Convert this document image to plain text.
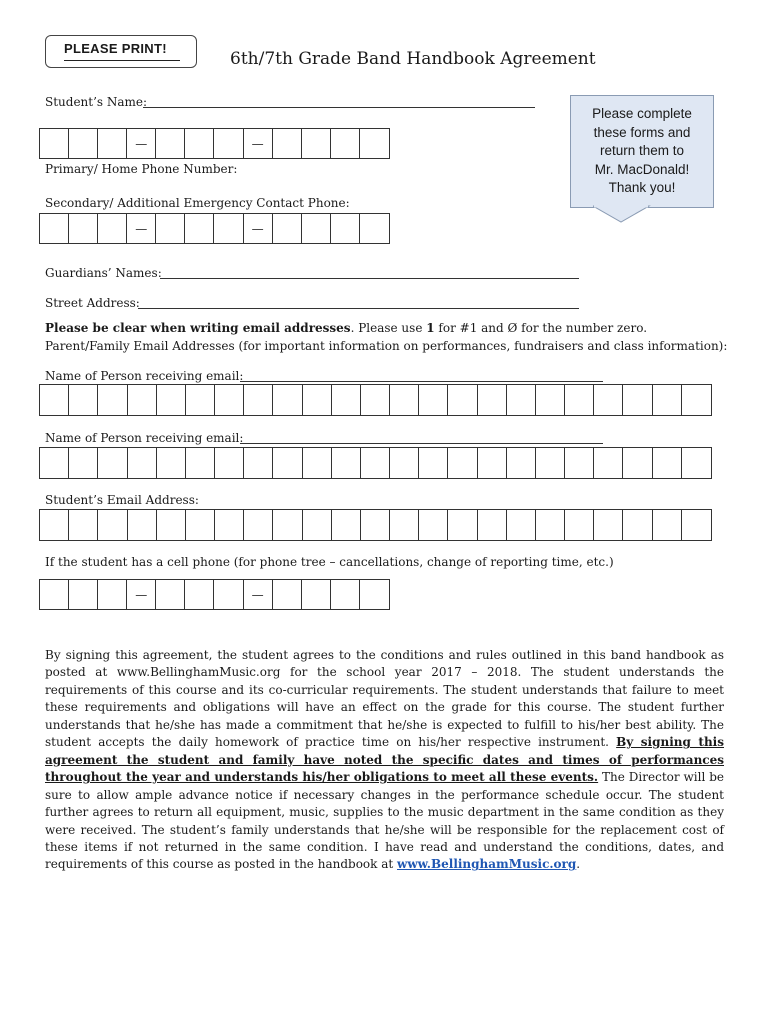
PLEASE PRINT!
6th/7th Grade Band Handbook Agreement
Please complete
these forms and
return them to
Mr. MacDonald!
Thank you!
Student’s Name:
—	—
Primary/ Home Phone Number:
Secondary/ Additional Emergency Contact Phone:
—	—
Guardians’ Names:
Street Address:
Please be clear when writing email addresses. Please use 1 for #1 and Ø for the number zero.
Parent/Family Email Addresses (for important information on performances, fundraisers and class information):
Name of Person receiving email:
Name of Person receiving email:
Student’s Email Address:
If the student has a cell phone (for phone tree – cancellations, change of reporting time, etc.)
—	—
By signing this agreement, the student agrees to the conditions and rules outlined in this band handbook as posted at www.BellinghamMusic.org for the school year 2017 – 2018. The student understands the requirements of this course and its co-curricular requirements. The student understands that failure to meet these requirements and obligations will have an effect on the grade for this course. The student further understands that he/she has made a commitment that he/she is expected to fulfill to his/her best ability. The student accepts the daily homework of practice time on his/her respective instrument. By signing this agreement the student and family have noted the specific dates and times of performances throughout the year and understands his/her obligations to meet all these events. The Director will be sure to allow ample advance notice if necessary changes in the performance schedule occur. The student further agrees to return all equipment, music, supplies to the music department in the same condition as they were received. The student’s family understands that he/she will be responsible for the replacement cost of these items if not returned in the same condition. I have read and understand the conditions, dates, and requirements of this course as posted in the handbook at www.BellinghamMusic.org.
